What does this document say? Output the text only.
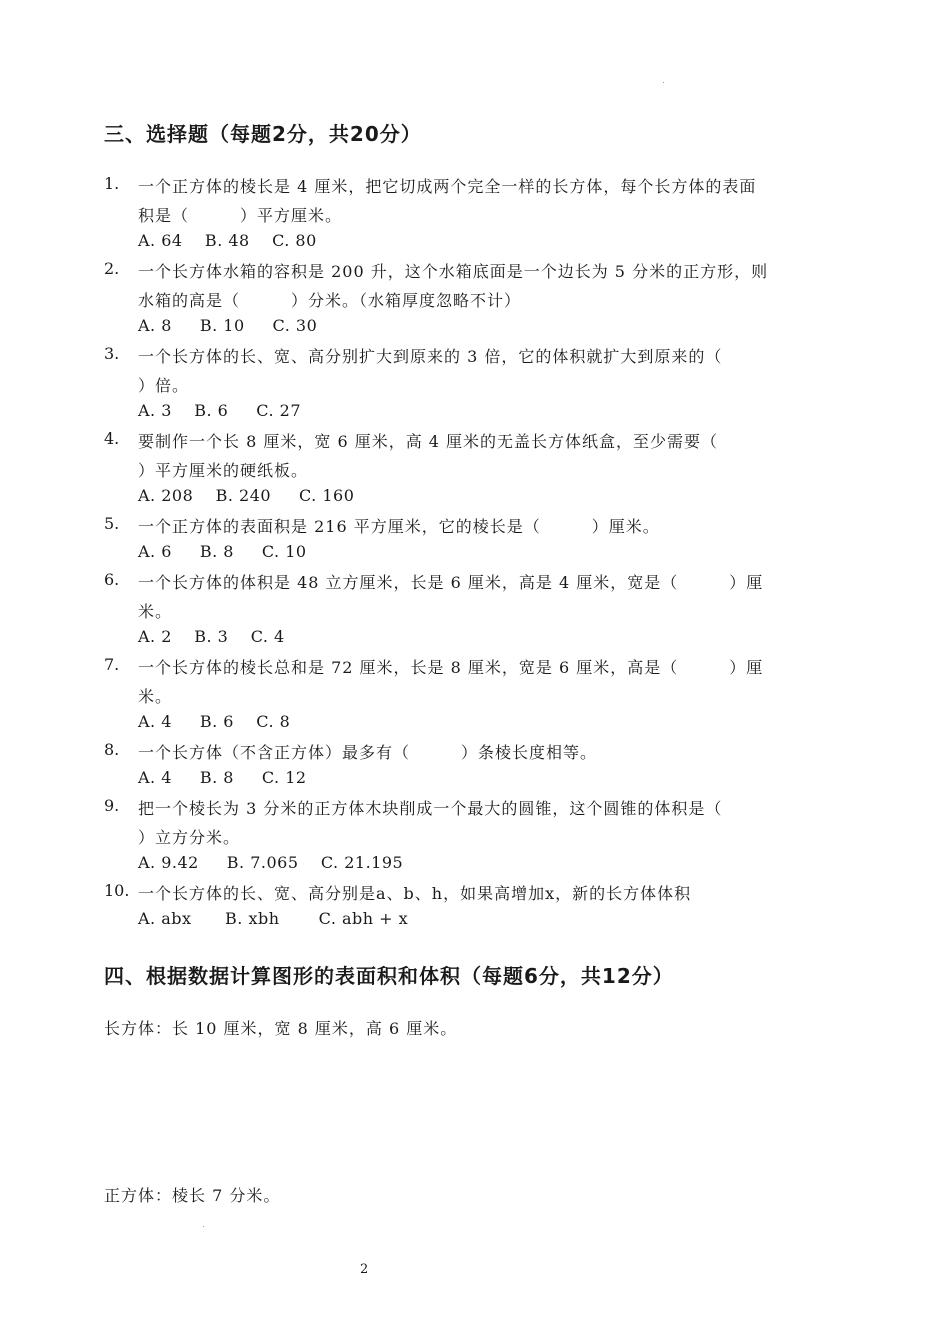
三、选择题（每题2分，共20分）
1. 一个正方体的棱长是 4 厘米，把它切成两个完全一样的长方体，每个长方体的表面
积是（　　　）平方厘米。
A. 64    B. 48    C. 80
2. 一个长方体水箱的容积是 200 升，这个水箱底面是一个边长为 5 分米的正方形，则
水箱的高是（　　　）分米。（水箱厚度忽略不计）
A. 8     B. 10     C. 30
3. 一个长方体的长、宽、高分别扩大到原来的 3 倍，它的体积就扩大到原来的（
）倍。
A. 3    B. 6     C. 27
4. 要制作一个长 8 厘米，宽 6 厘米，高 4 厘米的无盖长方体纸盒，至少需要（
）平方厘米的硬纸板。
A. 208    B. 240     C. 160
5. 一个正方体的表面积是 216 平方厘米，它的棱长是（　　　）厘米。
A. 6     B. 8     C. 10
6. 一个长方体的体积是 48 立方厘米，长是 6 厘米，高是 4 厘米，宽是（　　　）厘
米。
A. 2    B. 3    C. 4
7. 一个长方体的棱长总和是 72 厘米，长是 8 厘米，宽是 6 厘米，高是（　　　）厘
米。
A. 4     B. 6    C. 8
8. 一个长方体（不含正方体）最多有（　　　）条棱长度相等。
A. 4     B. 8     C. 12
9. 把一个棱长为 3 分米的正方体木块削成一个最大的圆锥，这个圆锥的体积是（
）立方分米。
A. 9.42     B. 7.065    C. 21.195
10. 一个长方体的长、宽、高分别是a、b、h，如果高增加x，新的长方体体积
A. abx      B. xbh       C. abh + x
四、根据数据计算图形的表面积和体积（每题6分，共12分）
长方体：长 10 厘米，宽 8 厘米，高 6 厘米。
正方体：棱长 7 分米。
2
